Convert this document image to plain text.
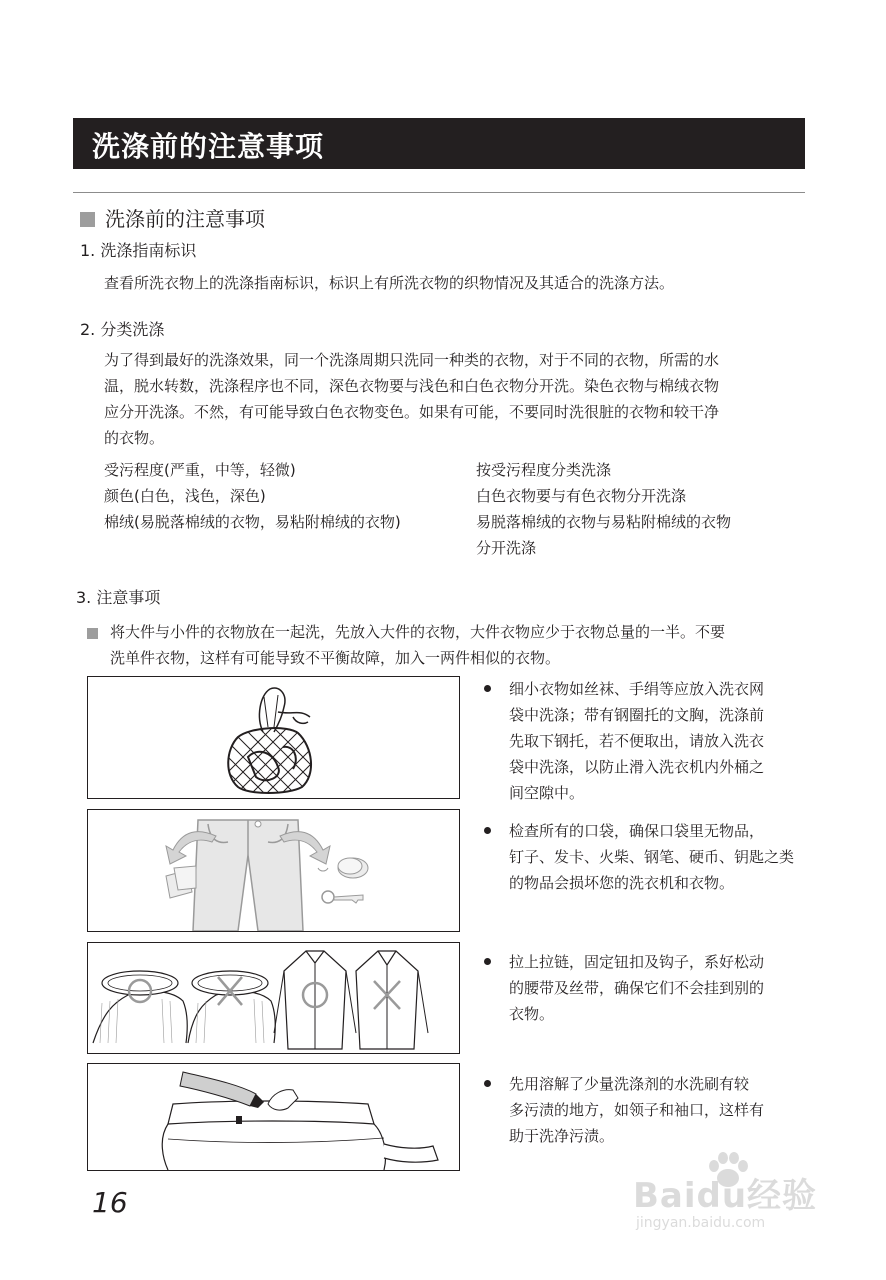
洗涤前的注意事项
洗涤前的注意事项
1. 洗涤指南标识
查看所洗衣物上的洗涤指南标识，标识上有所洗衣物的织物情况及其适合的洗涤方法。
2. 分类洗涤
为了得到最好的洗涤效果，同一个洗涤周期只洗同一种类的衣物，对于不同的衣物，所需的水
温，脱水转数，洗涤程序也不同，深色衣物要与浅色和白色衣物分开洗。染色衣物与棉绒衣物
应分开洗涤。不然，有可能导致白色衣物变色。如果有可能，不要同时洗很脏的衣物和较干净
的衣物。
受污程度(严重，中等，轻微)	按受污程度分类洗涤
颜色(白色，浅色，深色)	白色衣物要与有色衣物分开洗涤
棉绒(易脱落棉绒的衣物，易粘附棉绒的衣物)	易脱落棉绒的衣物与易粘附棉绒的衣物
分开洗涤
3. 注意事项
将大件与小件的衣物放在一起洗，先放入大件的衣物，大件衣物应少于衣物总量的一半。不要
洗单件衣物，这样有可能导致不平衡故障，加入一两件相似的衣物。
细小衣物如丝袜、手绢等应放入洗衣网
袋中洗涤；带有钢圈托的文胸，洗涤前
先取下钢托，若不便取出，请放入洗衣
袋中洗涤，以防止滑入洗衣机内外桶之
间空隙中。
检查所有的口袋，确保口袋里无物品，
钉子、发卡、火柴、钢笔、硬币、钥匙之类
的物品会损坏您的洗衣机和衣物。
拉上拉链，固定钮扣及钩子，系好松动
的腰带及丝带，确保它们不会挂到别的
衣物。
先用溶解了少量洗涤剂的水洗刷有较
多污渍的地方，如领子和袖口，这样有
助于洗净污渍。
16	Baidu经验
jingyan.baidu.com
